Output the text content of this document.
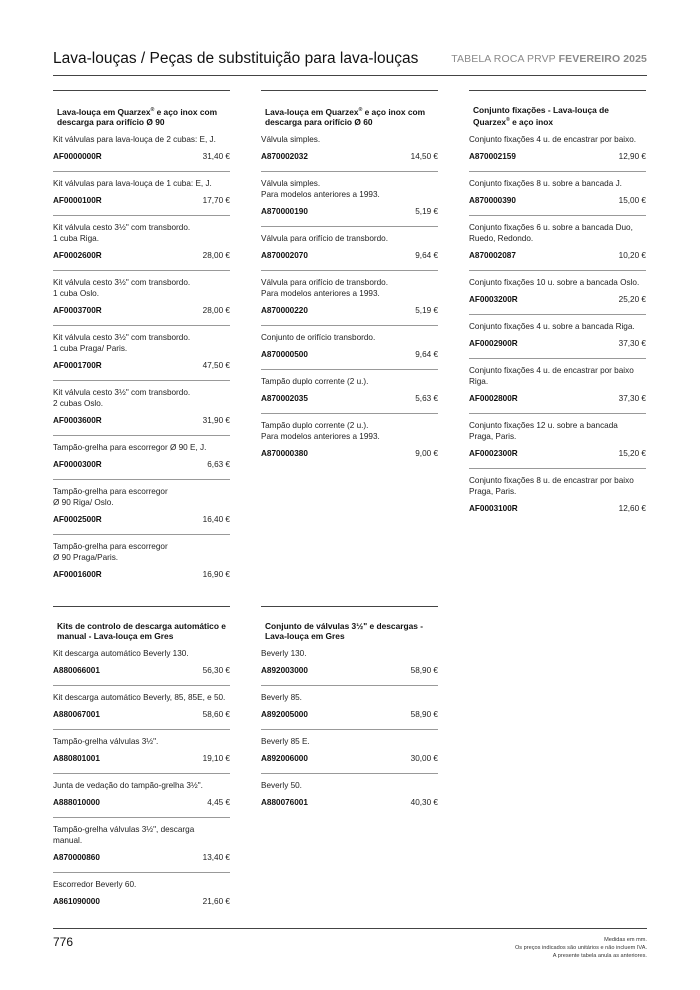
Lava-louças / Peças de substituição para lava-louças	TABELA ROCA PRVP FEVEREIRO 2025
Lava-louça em Quarzex® e aço inox com descarga para orifício Ø 90
Kit válvulas para lava-louça de 2 cubas: E, J.
AF0000000R	31,40 €
Kit válvulas para lava-louça de 1 cuba: E, J.
AF0000100R	17,70 €
Kit válvula cesto 3½" com transbordo.
1 cuba Riga.
AF0002600R	28,00 €
Kit válvula cesto 3½" com transbordo.
1 cuba Oslo.
AF0003700R	28,00 €
Kit válvula cesto 3½" com transbordo.
1 cuba Praga/ Paris.
AF0001700R	47,50 €
Kit válvula cesto 3½" com transbordo.
2 cubas Oslo.
AF0003600R	31,90 €
Tampão-grelha para escorregor Ø 90 E, J.
AF0000300R	6,63 €
Tampão-grelha para escorregor
Ø 90 Riga/ Oslo.
AF0002500R	16,40 €
Tampão-grelha para escorregor
Ø 90 Praga/Paris.
AF0001600R	16,90 €
Lava-louça em Quarzex® e aço inox com descarga para orifício Ø 60
Válvula simples.
A870002032	14,50 €
Válvula simples.
Para modelos anteriores a 1993.
A870000190	5,19 €
Válvula para orifício de transbordo.
A870002070	9,64 €
Válvula para orifício de transbordo.
Para modelos anteriores a 1993.
A870000220	5,19 €
Conjunto de orifício transbordo.
A870000500	9,64 €
Tampão duplo corrente (2 u.).
A870002035	5,63 €
Tampão duplo corrente (2 u.).
Para modelos anteriores a 1993.
A870000380	9,00 €
Conjunto fixações - Lava-louça de Quarzex® e aço inox
Conjunto fixações 4 u. de encastrar por baixo.
A870002159	12,90 €
Conjunto fixações 8 u. sobre a bancada J.
A870000390	15,00 €
Conjunto fixações 6 u. sobre a bancada Duo,
Ruedo, Redondo.
A870002087	10,20 €
Conjunto fixações 10 u. sobre a bancada Oslo.
AF0003200R	25,20 €
Conjunto fixações 4 u. sobre a bancada Riga.
AF0002900R	37,30 €
Conjunto fixações 4 u. de encastrar por baixo
Riga.
AF0002800R	37,30 €
Conjunto fixações 12 u. sobre a bancada
Praga, Paris.
AF0002300R	15,20 €
Conjunto fixações 8 u. de encastrar por baixo
Praga, Paris.
AF0003100R	12,60 €
Kits de controlo de descarga automático e manual - Lava-louça em Gres
Kit descarga automático Beverly 130.
A880066001	56,30 €
Kit descarga automático Beverly, 85, 85E, e 50.
A880067001	58,60 €
Tampão-grelha válvulas 3½".
A880801001	19,10 €
Junta de vedação do tampão-grelha 3½".
A888010000	4,45 €
Tampão-grelha válvulas 3½", descarga
manual.
A870000860	13,40 €
Escorredor Beverly 60.
A861090000	21,60 €
Conjunto de válvulas 3½" e descargas - Lava-louça em Gres
Beverly 130.
A892003000	58,90 €
Beverly 85.
A892005000	58,90 €
Beverly 85 E.
A892006000	30,00 €
Beverly 50.
A880076001	40,30 €
776	Medidas em mm.
Os preços indicados são unitários e não incluem IVA.
A presente tabela anula as anteriores.
